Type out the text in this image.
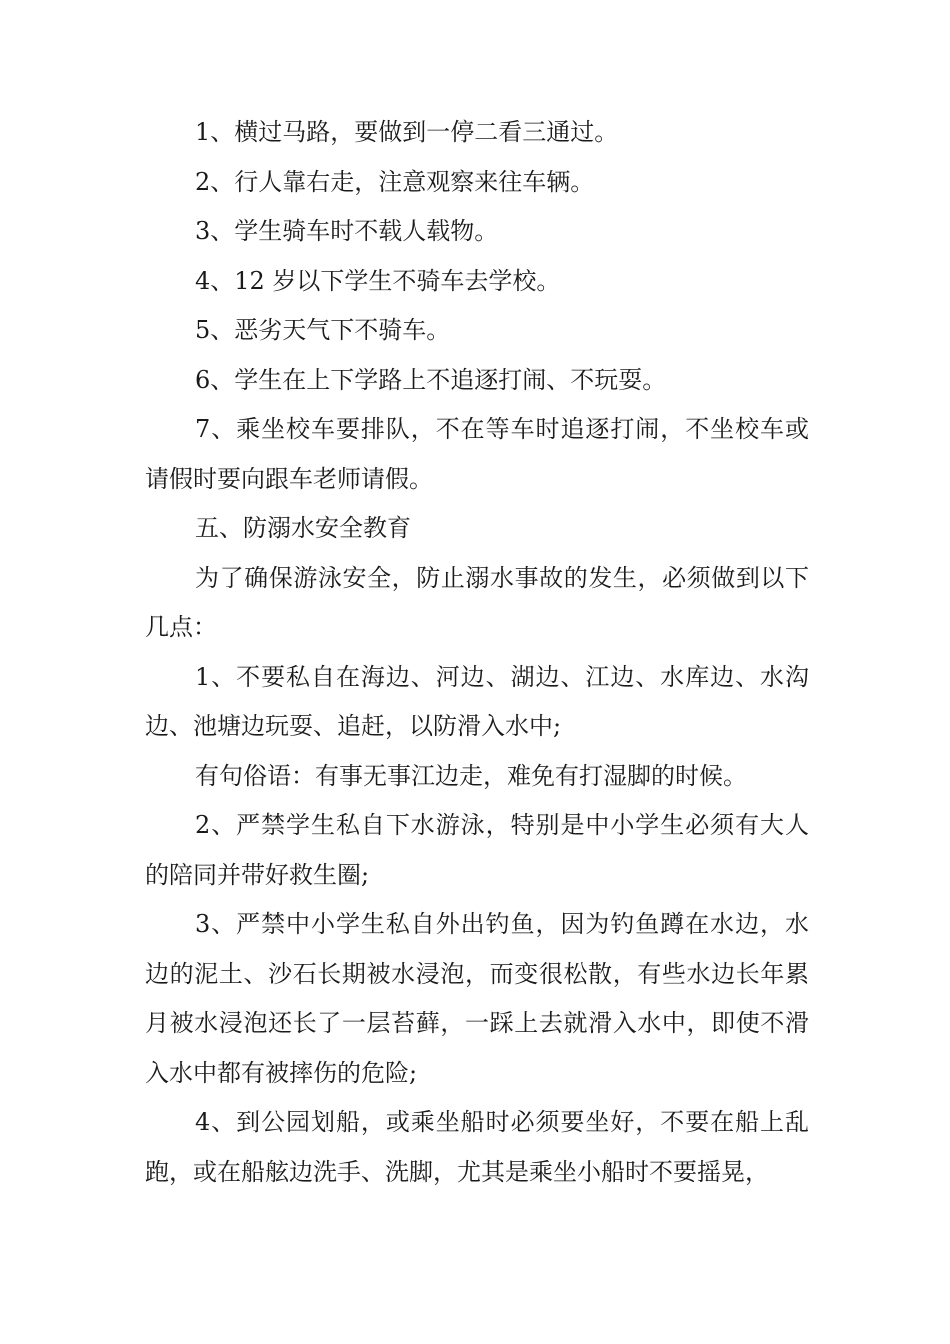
1、横过马路，要做到一停二看三通过。

2、行人靠右走，注意观察来往车辆。

3、学生骑车时不载人载物。

4、12 岁以下学生不骑车去学校。

5、恶劣天气下不骑车。

6、学生在上下学路上不追逐打闹、不玩耍。

7、乘坐校车要排队，不在等车时追逐打闹，不坐校车或请假时要向跟车老师请假。

五、防溺水安全教育

为了确保游泳安全，防止溺水事故的发生，必须做到以下几点：

1、不要私自在海边、河边、湖边、江边、水库边、水沟边、池塘边玩耍、追赶，以防滑入水中;

有句俗语：有事无事江边走，难免有打湿脚的时候。

2、严禁学生私自下水游泳，特别是中小学生必须有大人的陪同并带好救生圈;

3、严禁中小学生私自外出钓鱼，因为钓鱼蹲在水边，水边的泥土、沙石长期被水浸泡，而变很松散，有些水边长年累月被水浸泡还长了一层苔藓，一踩上去就滑入水中，即使不滑入水中都有被摔伤的危险;

4、到公园划船，或乘坐船时必须要坐好，不要在船上乱跑，或在船舷边洗手、洗脚，尤其是乘坐小船时不要摇晃，
